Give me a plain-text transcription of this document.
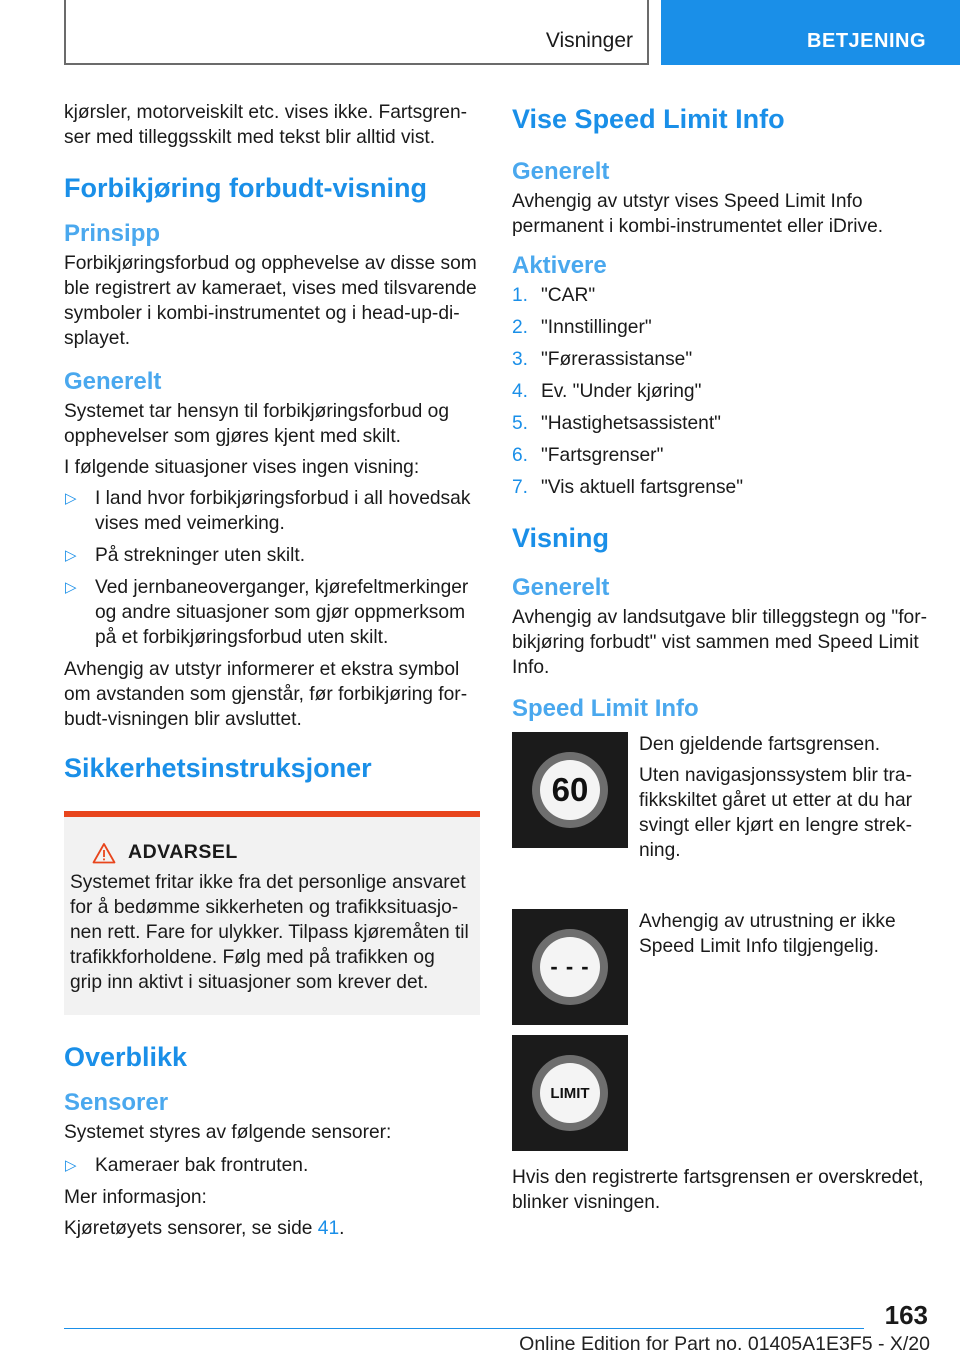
Visninger	BETJENING

kjørsler, motorveiskilt etc. vises ikke. Fartsgrenser med tilleggsskilt med tekst blir alltid vist.

Forbikjøring forbudt-visning
Prinsipp

Forbikjøringsforbud og opphevelse av disse som ble registrert av kameraet, vises med tilsvarende symboler i kombi-instrumentet og i head-up-displayet.

Generelt

Systemet tar hensyn til forbikjøringsforbud og opphevelser som gjøres kjent med skilt.

I følgende situasjoner vises ingen visning:

▷ I land hvor forbikjøringsforbud i all hovedsak vises med veimerking.
▷ På strekninger uten skilt.
▷ Ved jernbaneoverganger, kjørefeltmerkinger og andre situasjoner som gjør oppmerksom på et forbikjøringsforbud uten skilt.

Avhengig av utstyr informerer et ekstra symbol om avstanden som gjenstår, før forbikjøring forbudt-visningen blir avsluttet.

Sikkerhetsinstruksjoner
ADVARSEL

Systemet fritar ikke fra det personlige ansvaret for å bedømme sikkerheten og trafikksituasjonen rett. Fare for ulykker. Tilpass kjøremåten til trafikkforholdene. Følg med på trafikken og grip inn aktivt i situasjoner som krever det.

Overblikk
Sensorer

Systemet styres av følgende sensorer:

▷ Kameraer bak frontruten.

Mer informasjon:

Kjøretøyets sensorer, se side 41.

Vise Speed Limit Info
Generelt

Avhengig av utstyr vises Speed Limit Info permanent i kombi-instrumentet eller iDrive.

Aktivere
1. "CAR"
2. "Innstillinger"
3. "Førerassistanse"
4. Ev. "Under kjøring"
5. "Hastighetsassistent"
6. "Fartsgrenser"
7. "Vis aktuell fartsgrense"
Visning
Generelt

Avhengig av landsutgave blir tilleggstegn og "forbikjøring forbudt" vist sammen med Speed Limit Info.

Speed Limit Info
60

Den gjeldende fartsgrensen.

Uten navigasjonssystem blir trafikkskiltet gåret ut etter at du har svingt eller kjørt en lengre strekning.

- - -

Avhengig av utrustning er ikke Speed Limit Info tilgjengelig.

LIMIT

Hvis den registrerte fartsgrensen er overskredet, blinker visningen.

163
Online Edition for Part no. 01405A1E3F5 - X/20
